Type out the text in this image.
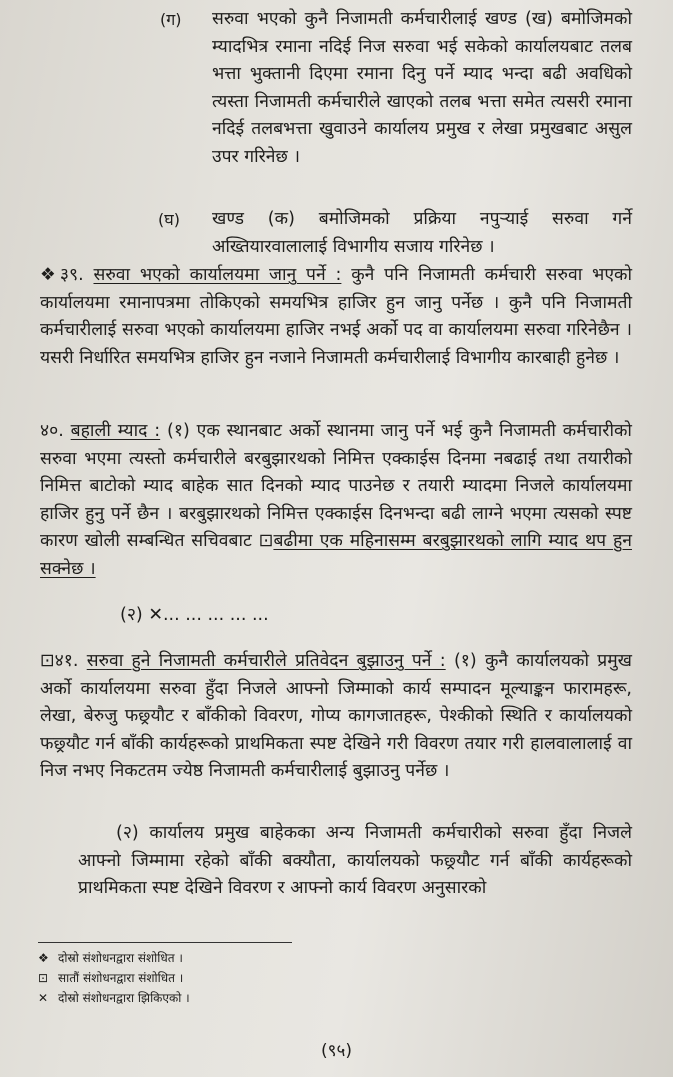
(ग) सरुवा भएको कुनै निजामती कर्मचारीलाई खण्ड (ख) बमोजिमको म्यादभित्र रमाना नदिई निज सरुवा भई सकेको कार्यालयबाट तलब भत्ता भुक्तानी दिएमा रमाना दिनु पर्ने म्याद भन्दा बढी अवधिको त्यस्ता निजामती कर्मचारीले खाएको तलब भत्ता समेत त्यसरी रमाना नदिई तलबभत्ता खुवाउने कार्यालय प्रमुख र लेखा प्रमुखबाट असुल उपर गरिनेछ ।

(घ) खण्ड (क) बमोजिमको प्रक्रिया नपुऱ्याई सरुवा गर्ने अख्तियारवालालाई विभागीय सजाय गरिनेछ ।

❖३९. सरुवा भएको कार्यालयमा जानु पर्ने : कुनै पनि निजामती कर्मचारी सरुवा भएको कार्यालयमा रमानापत्रमा तोकिएको समयभित्र हाजिर हुन जानु पर्नेछ । कुनै पनि निजामती कर्मचारीलाई सरुवा भएको कार्यालयमा हाजिर नभई अर्को पद वा कार्यालयमा सरुवा गरिनेछैन । यसरी निर्धारित समयभित्र हाजिर हुन नजाने निजामती कर्मचारीलाई विभागीय कारबाही हुनेछ ।

४०. बहाली म्याद : (१) एक स्थानबाट अर्को स्थानमा जानु पर्ने भई कुनै निजामती कर्मचारीको सरुवा भएमा त्यस्तो कर्मचारीले बरबुझारथको निमित्त एक्काईस दिनमा नबढाई तथा तयारीको निमित्त बाटोको म्याद बाहेक सात दिनको म्याद पाउनेछ र तयारी म्यादमा निजले कार्यालयमा हाजिर हुनु पर्ने छैन । बरबुझारथको निमित्त एक्काईस दिनभन्दा बढी लाग्ने भएमा त्यसको स्पष्ट कारण खोली सम्बन्धित सचिवबाट ⊡बढीमा एक महिनासम्म बरबुझारथको लागि म्याद थप हुन सक्नेछ ।

(२) ✕... ... ... ... ...

⊡४१. सरुवा हुने निजामती कर्मचारीले प्रतिवेदन बुझाउनु पर्ने : (१) कुनै कार्यालयको प्रमुख अर्को कार्यालयमा सरुवा हुँदा निजले आफ्नो जिम्माको कार्य सम्पादन मूल्याङ्कन फारामहरू, लेखा, बेरुजु फछ्र्यौट र बाँकीको विवरण, गोप्य कागजातहरू, पेश्कीको स्थिति र कार्यालयको फछ्र्यौट गर्न बाँकी कार्यहरूको प्राथमिकता स्पष्ट देखिने गरी विवरण तयार गरी हालवालालाई वा निज नभए निकटतम ज्येष्ठ निजामती कर्मचारीलाई बुझाउनु पर्नेछ ।

(२) कार्यालय प्रमुख बाहेकका अन्य निजामती कर्मचारीको सरुवा हुँदा निजले आफ्नो जिम्मामा रहेको बाँकी बक्यौता, कार्यालयको फछ्र्यौट गर्न बाँकी कार्यहरूको प्राथमिकता स्पष्ट देखिने विवरण र आफ्नो कार्य विवरण अनुसारको

❖ दोस्रो संशोधनद्वारा संशोधित ।
⊡ सातौं संशोधनद्वारा संशोधित ।
✕ दोस्रो संशोधनद्वारा झिकिएको ।
(९५)
